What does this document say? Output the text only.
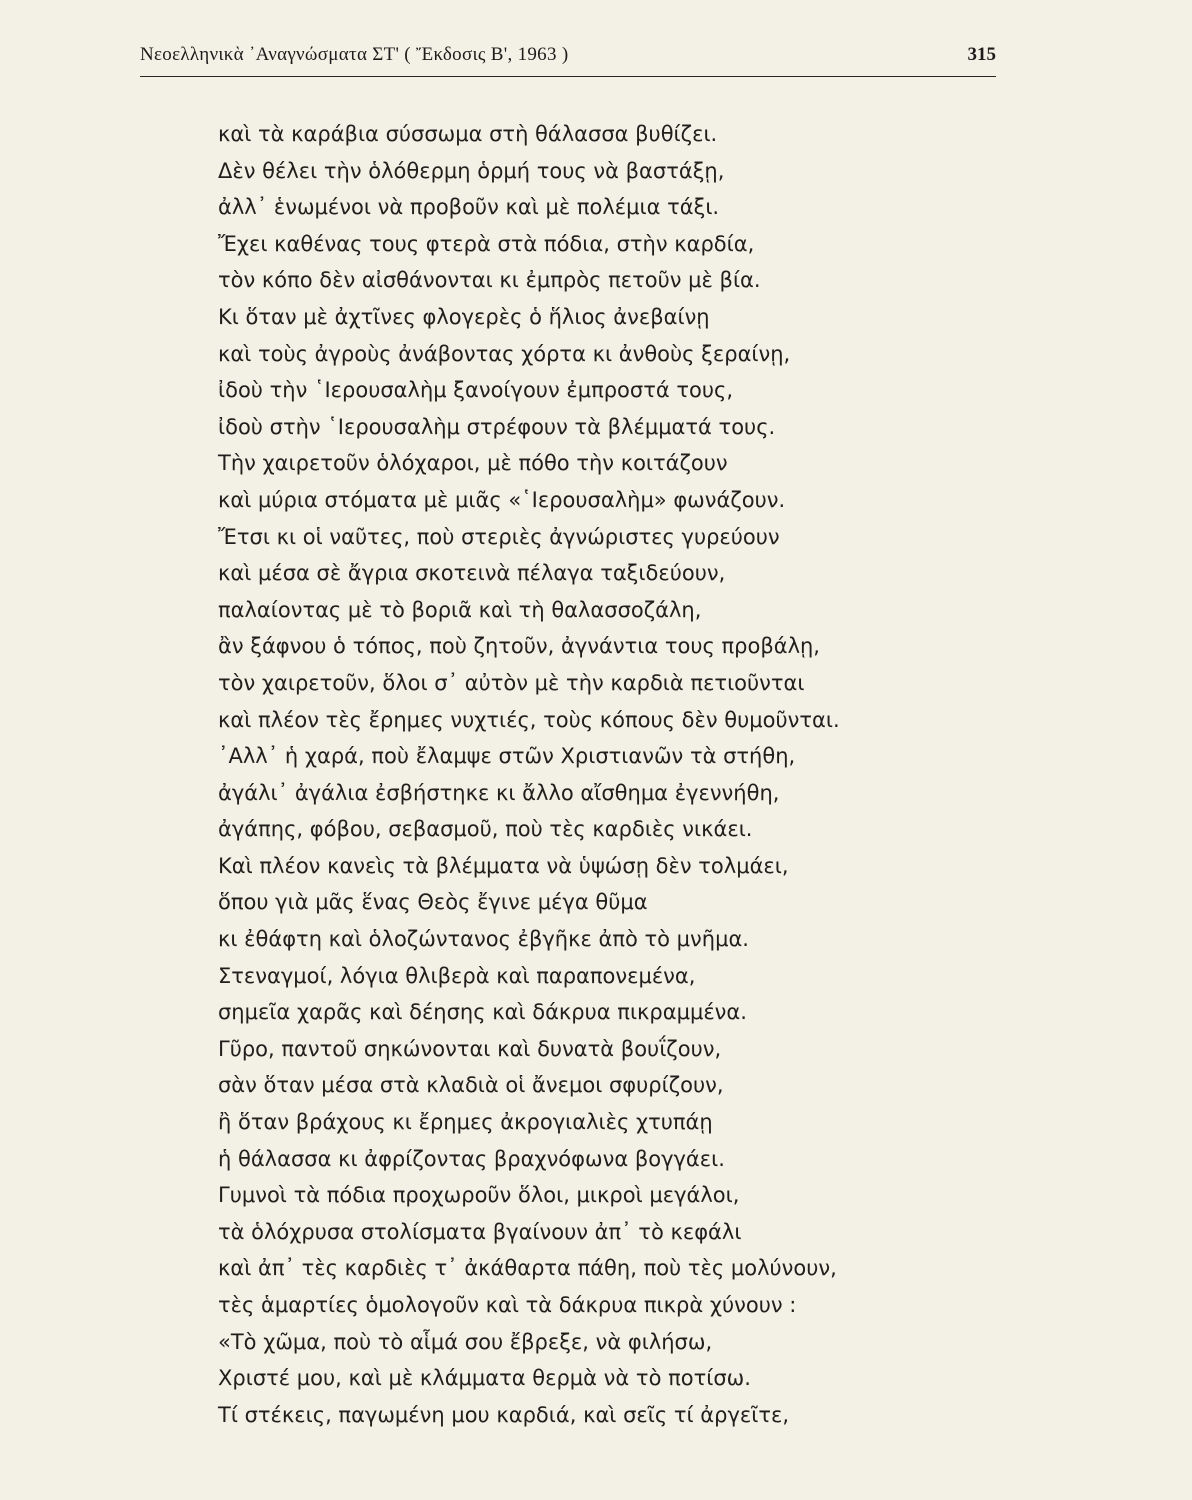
Νεοελληνικὰ ᾿Αναγνώσματα ΣΤ' ( Ἔκδοσις Β', 1963 )	315
καὶ τὰ καράβια σύσσωμα στὴ θάλασσα βυθίζει.
Δὲν θέλει τὴν ὁλόθερμη ὁρμή τους νὰ βαστάξῃ,
ἀλλ᾿ ἑνωμένοι νὰ προβοῦν καὶ μὲ πολέμια τάξι.
Ἔχει καθένας τους φτερὰ στὰ πόδια, στὴν καρδία,
τὸν κόπο δὲν αἰσθάνονται κι ἐμπρὸς πετοῦν μὲ βία.
Κι ὅταν μὲ ἀχτῖνες φλογερὲς ὁ ἥλιος ἀνεβαίνῃ
καὶ τοὺς ἀγροὺς ἀνάβοντας χόρτα κι ἀνθοὺς ξεραίνῃ,
ἰδοὺ τὴν ῾Ιερουσαλὴμ ξανοίγουν ἐμπροστά τους,
ἰδοὺ στὴν ῾Ιερουσαλὴμ στρέφουν τὰ βλέμματά τους.
Τὴν χαιρετοῦν ὁλόχαροι, μὲ πόθο τὴν κοιτάζουν
καὶ μύρια στόματα μὲ μιᾶς «῾Ιερουσαλὴμ» φωνάζουν.
Ἔτσι κι οἱ ναῦτες, ποὺ στεριὲς ἀγνώριστες γυρεύουν
καὶ μέσα σὲ ἄγρια σκοτεινὰ πέλαγα ταξιδεύουν,
παλαίοντας μὲ τὸ βοριᾶ καὶ τὴ θαλασσοζάλη,
ἂν ξάφνου ὁ τόπος, ποὺ ζητοῦν, ἀγνάντια τους προβάλῃ,
τὸν χαιρετοῦν, ὅλοι σ᾿ αὐτὸν μὲ τὴν καρδιὰ πετιοῦνται
καὶ πλέον τὲς ἔρημες νυχτιές, τοὺς κόπους δὲν θυμοῦνται.
᾿Αλλ᾿ ἡ χαρά, ποὺ ἔλαμψε στῶν Χριστιανῶν τὰ στήθη,
ἀγάλι᾿ ἀγάλια ἐσβήστηκε κι ἄλλο αἴσθημα ἐγεννήθη,
ἀγάπης, φόβου, σεβασμοῦ, ποὺ τὲς καρδιὲς νικάει.
Καὶ πλέον κανεὶς τὰ βλέμματα νὰ ὑψώσῃ δὲν τολμάει,
ὅπου γιὰ μᾶς ἕνας Θεὸς ἔγινε μέγα θῦμα
κι ἐθάφτη καὶ ὁλοζώντανος ἐβγῆκε ἀπὸ τὸ μνῆμα.
Στεναγμοί, λόγια θλιβερὰ καὶ παραπονεμένα,
σημεῖα χαρᾶς καὶ δέησης καὶ δάκρυα πικραμμένα.
Γῦρο, παντοῦ σηκώνονται καὶ δυνατὰ βουΐζουν,
σὰν ὅταν μέσα στὰ κλαδιὰ οἱ ἄνεμοι σφυρίζουν,
ἢ ὅταν βράχους κι ἔρημες ἀκρογιαλιὲς χτυπάῃ
ἡ θάλασσα κι ἀφρίζοντας βραχνόφωνα βογγάει.
Γυμνοὶ τὰ πόδια προχωροῦν ὅλοι, μικροὶ μεγάλοι,
τὰ ὁλόχρυσα στολίσματα βγαίνουν ἀπ᾿ τὸ κεφάλι
καὶ ἀπ᾿ τὲς καρδιὲς τ᾿ ἀκάθαρτα πάθη, ποὺ τὲς μολύνουν,
τὲς ἁμαρτίες ὁμολογοῦν καὶ τὰ δάκρυα πικρὰ χύνουν :
«Τὸ χῶμα, ποὺ τὸ αἷμά σου ἔβρεξε, νὰ φιλήσω,
Χριστέ μου, καὶ μὲ κλάμματα θερμὰ νὰ τὸ ποτίσω.
Τί στέκεις, παγωμένη μου καρδιά, καὶ σεῖς τί ἀργεῖτε,
